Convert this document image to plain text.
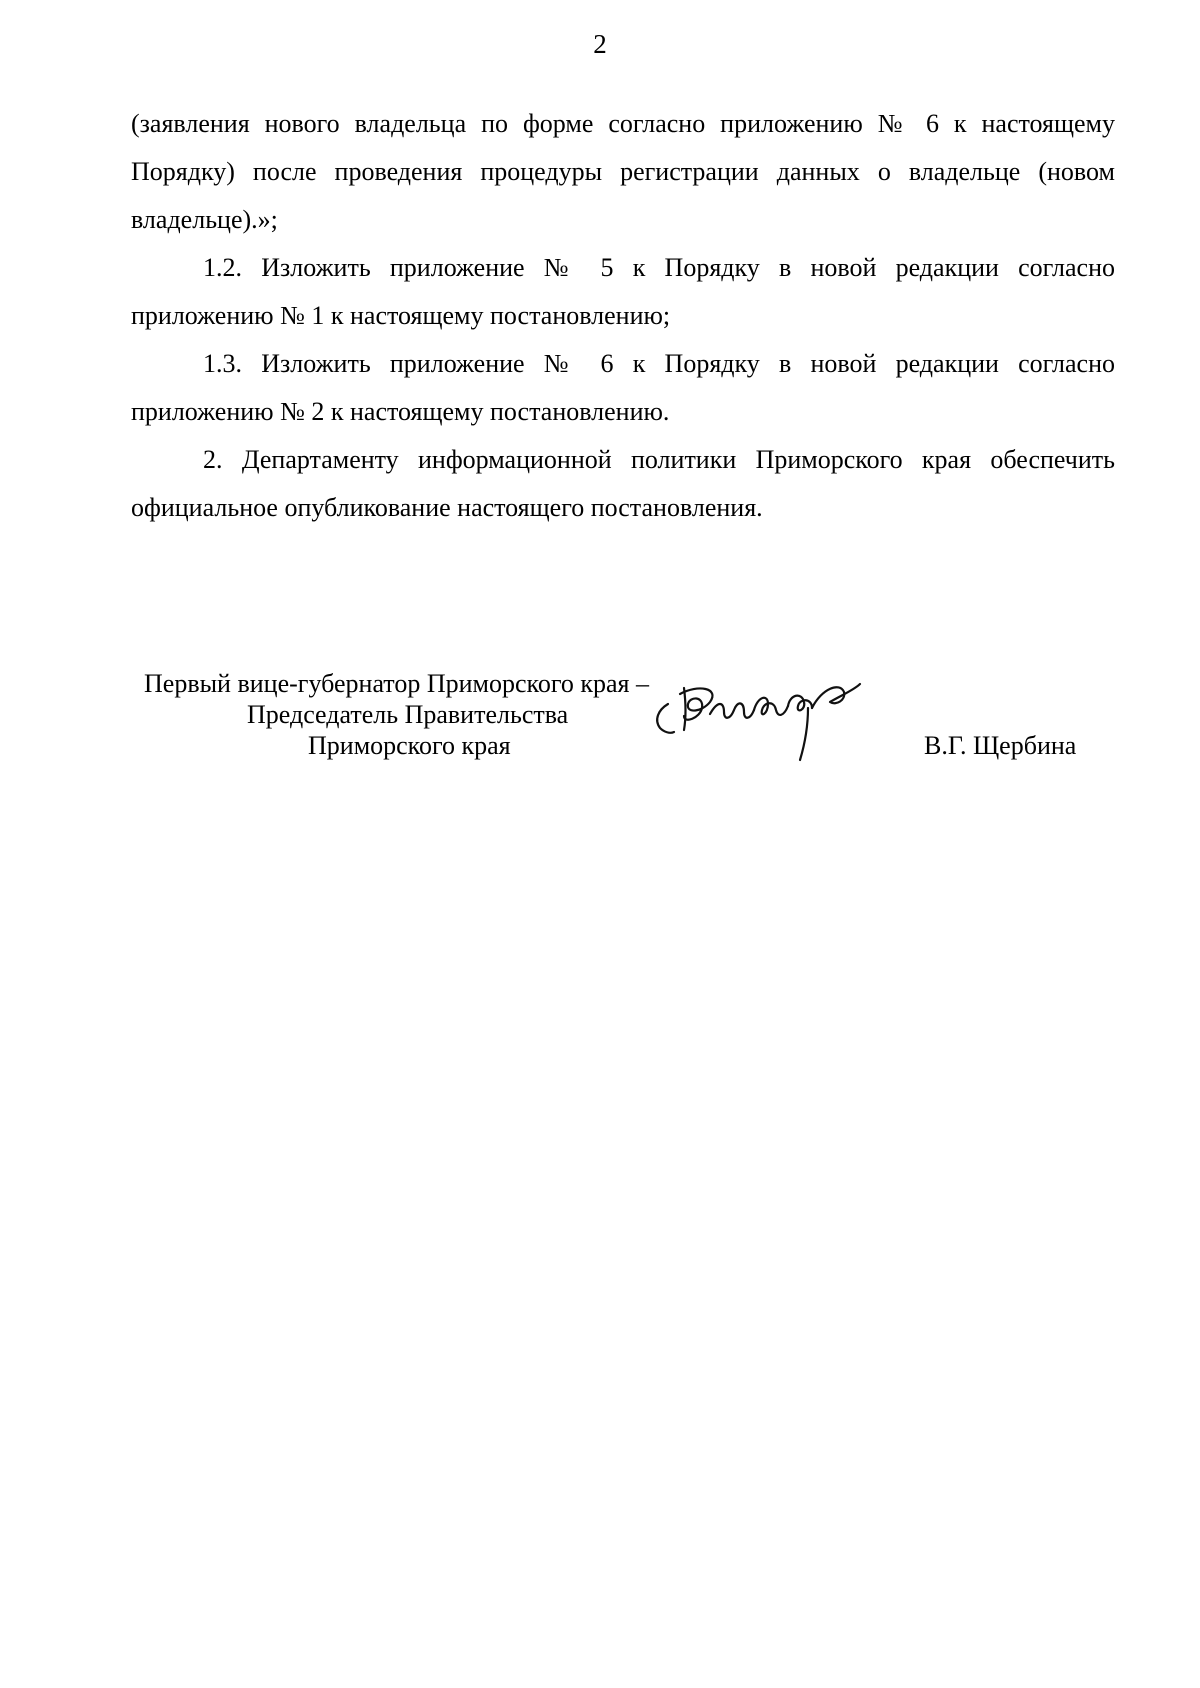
2

(заявления нового владельца по форме согласно приложению № 6 к настоящему Порядку) после проведения процедуры регистрации данных о владельце (новом владельце).»;

1.2. Изложить приложение № 5 к Порядку в новой редакции согласно приложению № 1 к настоящему постановлению;

1.3. Изложить приложение № 6 к Порядку в новой редакции согласно приложению № 2 к настоящему постановлению.

2. Департаменту информационной политики Приморского края обеспечить официальное опубликование настоящего постановления.

Первый вице-губернатор Приморского края –
Председатель Правительства
Приморского края	В.Г. Щербина
